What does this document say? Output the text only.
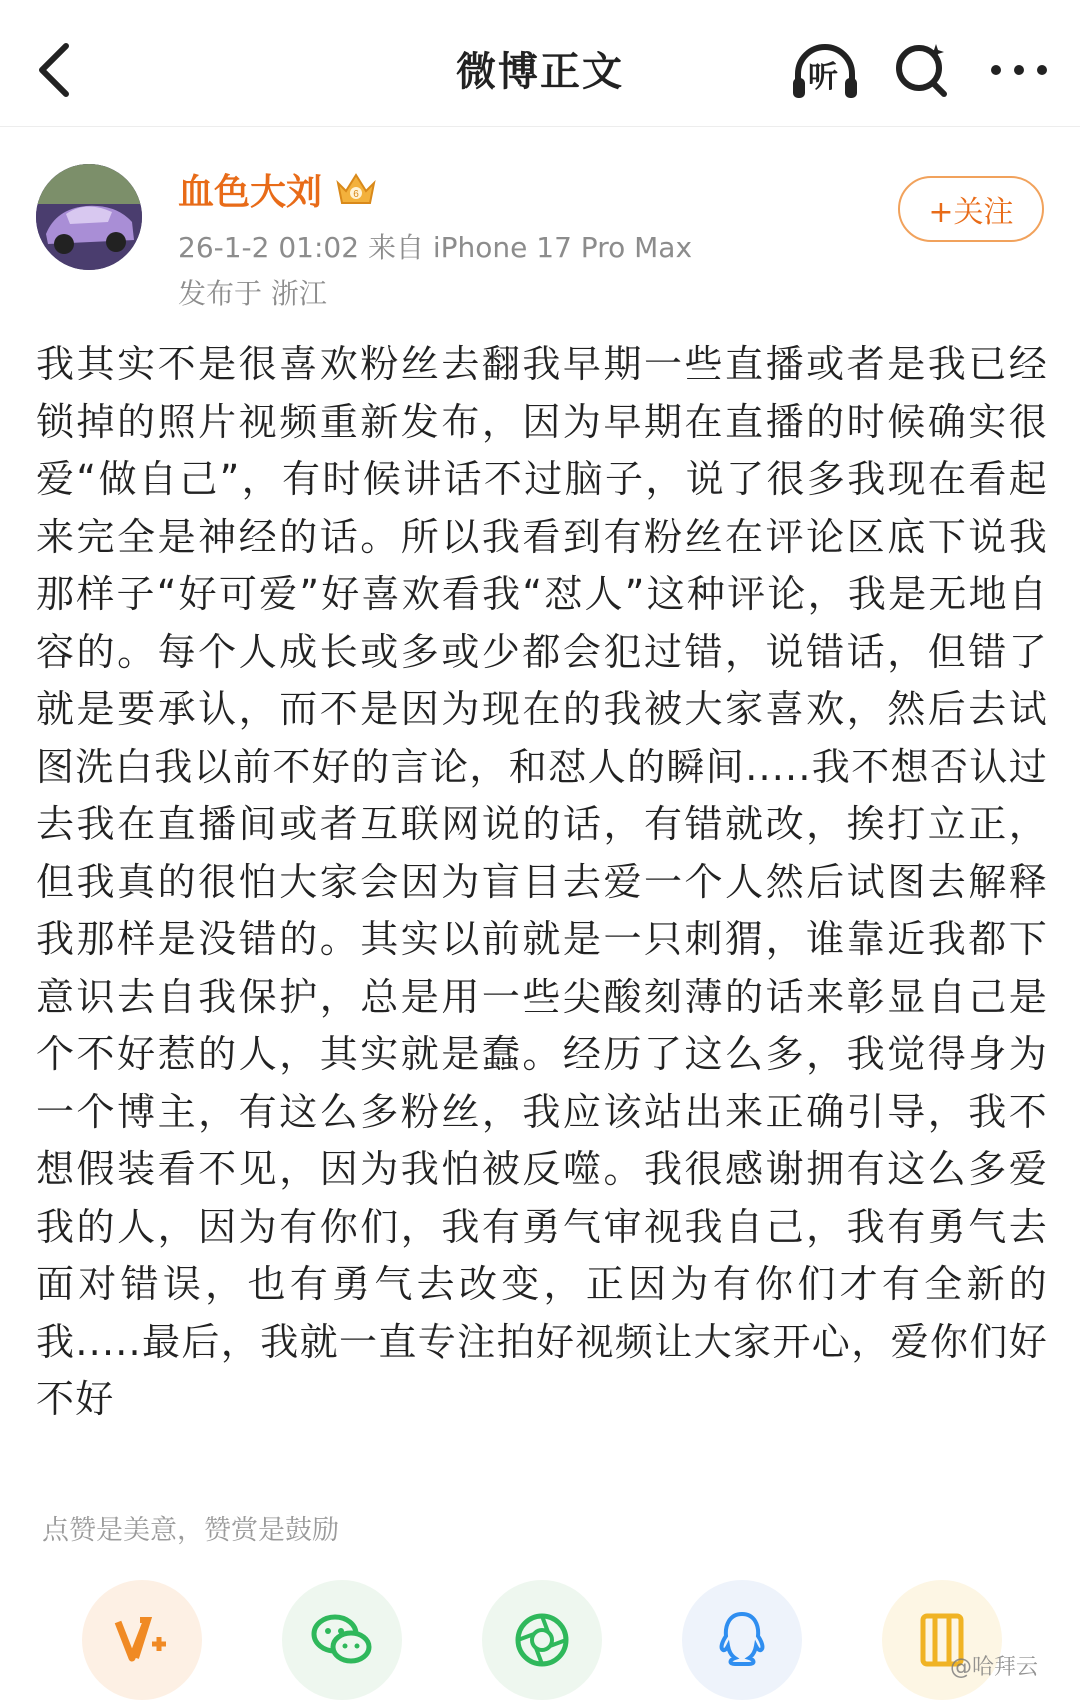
微博正文	听
血色大刘	6
26-1-2 01:02 来自 iPhone 17 Pro Max
发布于 浙江
+关注
我其实不是很喜欢粉丝去翻我早期一些直播或者是我已经锁掉的照片视频重新发布，因为早期在直播的时候确实很爱“做自己”，有时候讲话不过脑子，说了很多我现在看起来完全是神经的话。所以我看到有粉丝在评论区底下说我那样子“好可爱”好喜欢看我“怼人”这种评论，我是无地自容的。每个人成长或多或少都会犯过错，说错话，但错了就是要承认，而不是因为现在的我被大家喜欢，然后去试图洗白我以前不好的言论，和怼人的瞬间.....我不想否认过去我在直播间或者互联网说的话，有错就改，挨打立正，但我真的很怕大家会因为盲目去爱一个人然后试图去解释我那样是没错的。其实以前就是一只刺猬，谁靠近我都下意识去自我保护，总是用一些尖酸刻薄的话来彰显自己是个不好惹的人，其实就是蠢。经历了这么多，我觉得身为一个博主，有这么多粉丝，我应该站出来正确引导，我不想假装看不见，因为我怕被反噬。我很感谢拥有这么多爱我的人，因为有你们，我有勇气审视我自己，我有勇气去面对错误，也有勇气去改变，正因为有你们才有全新的我.....最后，我就一直专注拍好视频让大家开心，爱你们好不好
点赞是美意，赞赏是鼓励
@哈拜云
